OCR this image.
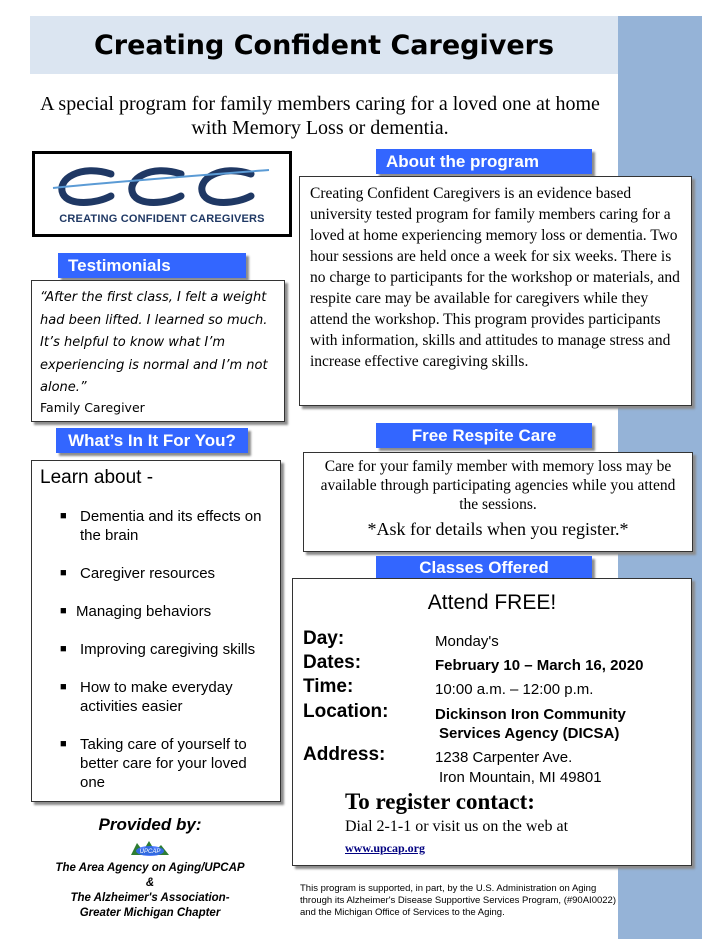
Creating Confident Caregivers
A special program for family members caring for a loved one at home with Memory Loss or dementia.
CREATING CONFIDENT CAREGIVERS
About the program
Testimonials
“After the first class, I felt a weight had been lifted. I learned so much. It’s helpful to know what I’m experiencing is normal and I’m not alone.”
Family Caregiver
Creating Confident Caregivers is an evidence based university tested program for family members caring for a loved at home experiencing memory loss or dementia. Two hour sessions are held once a week for six weeks. There is no charge to participants for the workshop or materials, and respite care may be available for caregivers while they attend the workshop. This program provides participants with information, skills and attitudes to manage stress and increase effective caregiving skills.
What’s In It For You?	Free Respite Care
Learn about -
■ Dementia and its effects on the brain
■ Caregiver resources
■ Managing behaviors
■ Improving caregiving skills
■ How to make everyday activities easier
■ Taking care of yourself to better care for your loved one
Care for your family member with memory loss may be available through participating agencies while you attend the sessions.
*Ask for details when you register.*
Classes Offered
Attend FREE!
Day:	Monday's
Dates:	February 10 – March 16, 2020
Time:	10:00 a.m. – 12:00 p.m.
Location:	Dickinson Iron Community
Services Agency (DICSA)
Address:	1238 Carpenter Ave.
Iron Mountain, MI 49801
To register contact:
Dial 2-1-1 or visit us on the web at
www.upcap.org
Provided by:
UPCAP
The Area Agency on Aging/UPCAP
&
The Alzheimer's Association-
Greater Michigan Chapter
This program is supported, in part, by the U.S. Administration on Aging through its Alzheimer's Disease Supportive Services Program, (#90AI0022) and the Michigan Office of Services to the Aging.
